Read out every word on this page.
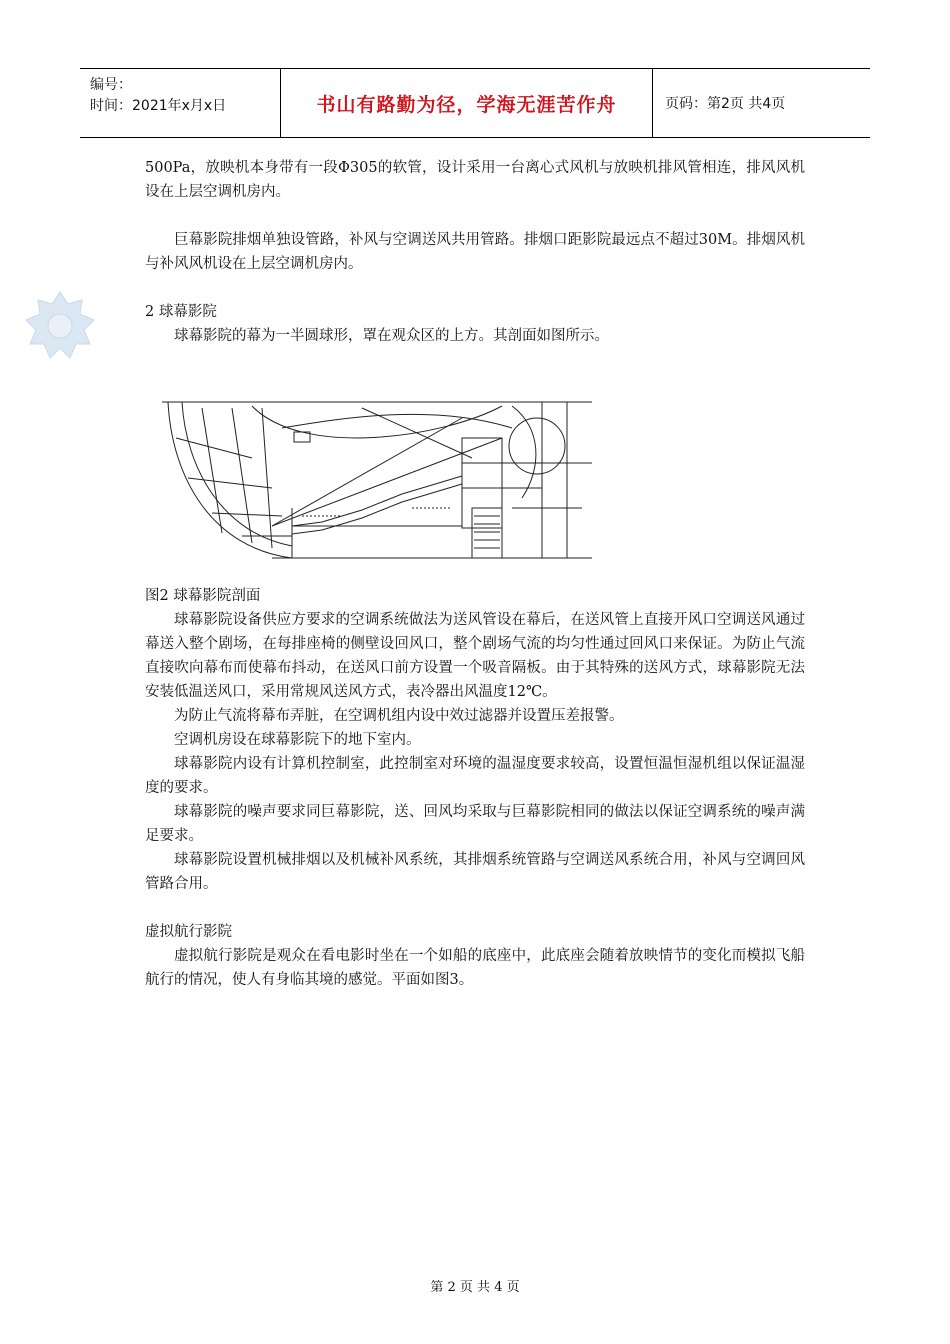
编号：
时间：2021年x月x日	书山有路勤为径，学海无涯苦作舟	页码：第2页 共4页

500Pa，放映机本身带有一段Φ305的软管，设计采用一台离心式风机与放映机排风管相连，排风风机设在上层空调机房内。

巨幕影院排烟单独设管路，补风与空调送风共用管路。排烟口距影院最远点不超过30M。排烟风机与补风风机设在上层空调机房内。

2 球幕影院

球幕影院的幕为一半圆球形，罩在观众区的上方。其剖面如图所示。

图2 球幕影院剖面

球幕影院设备供应方要求的空调系统做法为送风管设在幕后，在送风管上直接开风口空调送风通过幕送入整个剧场，在每排座椅的侧壁设回风口，整个剧场气流的均匀性通过回风口来保证。为防止气流直接吹向幕布而使幕布抖动，在送风口前方设置一个吸音隔板。由于其特殊的送风方式，球幕影院无法安装低温送风口，采用常规风送风方式，表冷器出风温度12℃。

为防止气流将幕布弄脏，在空调机组内设中效过滤器并设置压差报警。

空调机房设在球幕影院下的地下室内。

球幕影院内设有计算机控制室，此控制室对环境的温湿度要求较高，设置恒温恒湿机组以保证温湿度的要求。

球幕影院的噪声要求同巨幕影院，送、回风均采取与巨幕影院相同的做法以保证空调系统的噪声满足要求。

球幕影院设置机械排烟以及机械补风系统，其排烟系统管路与空调送风系统合用，补风与空调回风管路合用。

虚拟航行影院

虚拟航行影院是观众在看电影时坐在一个如船的底座中，此底座会随着放映情节的变化而模拟飞船航行的情况，使人有身临其境的感觉。平面如图3。

第 2 页 共 4 页
